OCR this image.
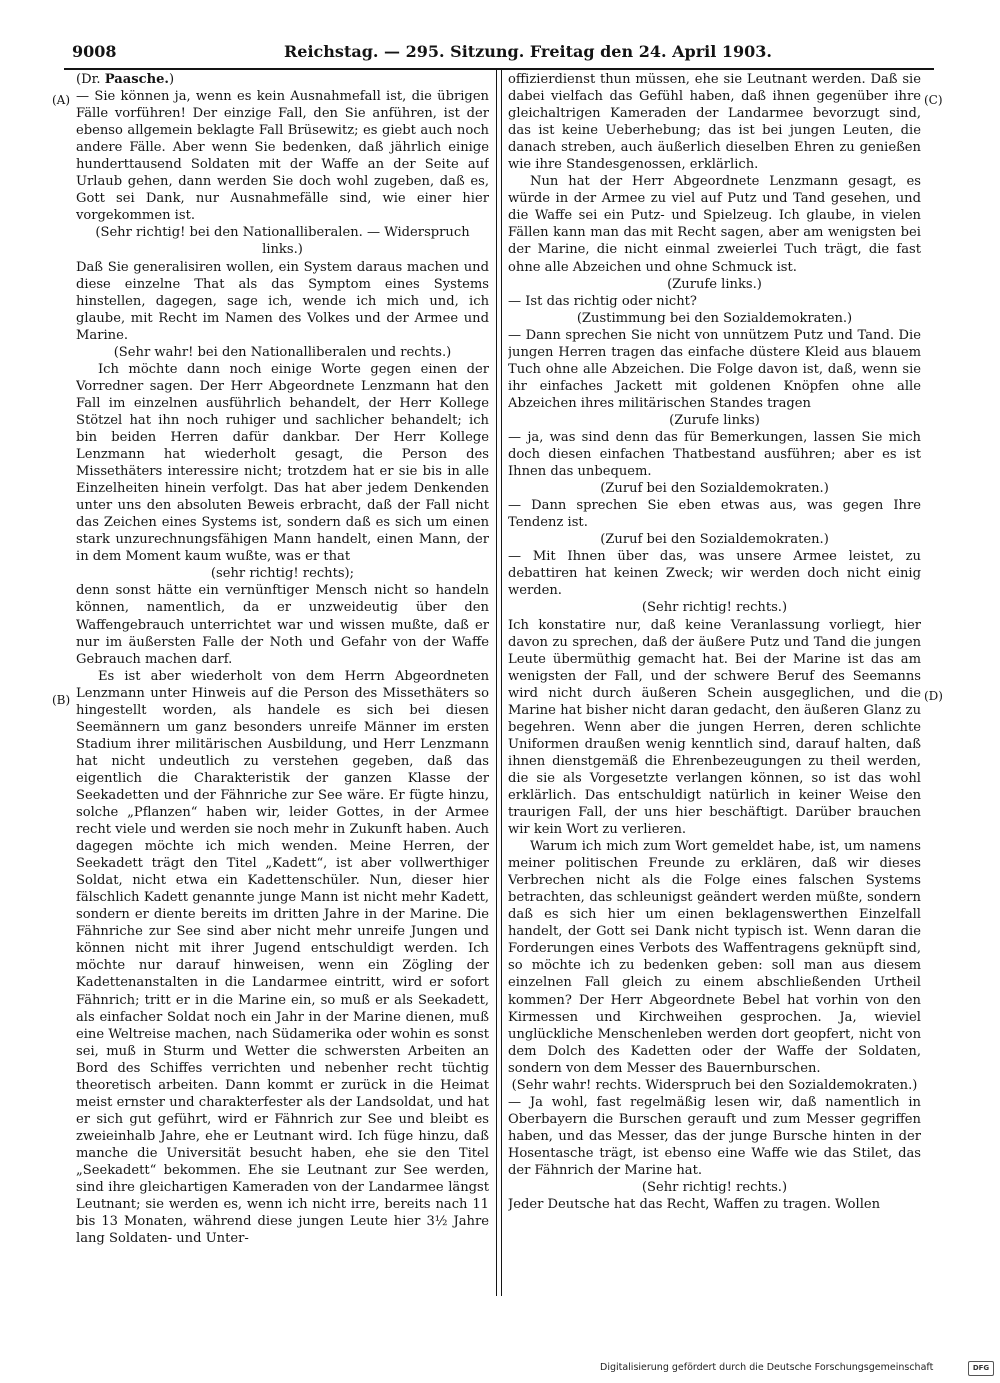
9008	Reichstag. — 295. Sitzung. Freitag den 24. April 1903.
(A)
(B)
(C)
(D)

(Dr. Paasche.)

— Sie können ja, wenn es kein Ausnahmefall ist, die übrigen Fälle vorführen! Der einzige Fall, den Sie anführen, ist der ebenso allgemein beklagte Fall Brüsewitz; es giebt auch noch andere Fälle. Aber wenn Sie bedenken, daß jährlich einige hunderttausend Soldaten mit der Waffe an der Seite auf Urlaub gehen, dann werden Sie doch wohl zugeben, daß es, Gott sei Dank, nur Ausnahmefälle sind, wie einer hier vorgekommen ist.

(Sehr richtig! bei den Nationalliberalen. — Widerspruch links.)

Daß Sie generalisiren wollen, ein System daraus machen und diese einzelne That als das Symptom eines Systems hinstellen, dagegen, sage ich, wende ich mich und, ich glaube, mit Recht im Namen des Volkes und der Armee und Marine.

(Sehr wahr! bei den Nationalliberalen und rechts.)

Ich möchte dann noch einige Worte gegen einen der Vorredner sagen. Der Herr Abgeordnete Lenzmann hat den Fall im einzelnen ausführlich behandelt, der Herr Kollege Stötzel hat ihn noch ruhiger und sachlicher behandelt; ich bin beiden Herren dafür dankbar. Der Herr Kollege Lenzmann hat wiederholt gesagt, die Person des Missethäters interessire nicht; trotzdem hat er sie bis in alle Einzelheiten hinein verfolgt. Das hat aber jedem Denkenden unter uns den absoluten Beweis erbracht, daß der Fall nicht das Zeichen eines Systems ist, sondern daß es sich um einen stark unzurechnungsfähigen Mann handelt, einen Mann, der in dem Moment kaum wußte, was er that

(sehr richtig! rechts);

denn sonst hätte ein vernünftiger Mensch nicht so handeln können, namentlich, da er unzweideutig über den Waffengebrauch unterrichtet war und wissen mußte, daß er nur im äußersten Falle der Noth und Gefahr von der Waffe Gebrauch machen darf.

Es ist aber wiederholt von dem Herrn Abgeordneten Lenzmann unter Hinweis auf die Person des Missethäters so hingestellt worden, als handele es sich bei diesen Seemännern um ganz besonders unreife Männer im ersten Stadium ihrer militärischen Ausbildung, und Herr Lenzmann hat nicht undeutlich zu verstehen gegeben, daß das eigentlich die Charakteristik der ganzen Klasse der Seekadetten und der Fähnriche zur See wäre. Er fügte hinzu, solche „Pflanzen“ haben wir, leider Gottes, in der Armee recht viele und werden sie noch mehr in Zukunft haben. Auch dagegen möchte ich mich wenden. Meine Herren, der Seekadett trägt den Titel „Kadett“, ist aber vollwerthiger Soldat, nicht etwa ein Kadettenschüler. Nun, dieser hier fälschlich Kadett genannte junge Mann ist nicht mehr Kadett, sondern er diente bereits im dritten Jahre in der Marine. Die Fähnriche zur See sind aber nicht mehr unreife Jungen und können nicht mit ihrer Jugend entschuldigt werden. Ich möchte nur darauf hinweisen, wenn ein Zögling der Kadettenanstalten in die Landarmee eintritt, wird er sofort Fähnrich; tritt er in die Marine ein, so muß er als Seekadett, als einfacher Soldat noch ein Jahr in der Marine dienen, muß eine Weltreise machen, nach Südamerika oder wohin es sonst sei, muß in Sturm und Wetter die schwersten Arbeiten an Bord des Schiffes verrichten und nebenher recht tüchtig theoretisch arbeiten. Dann kommt er zurück in die Heimat meist ernster und charakterfester als der Landsoldat, und hat er sich gut geführt, wird er Fähnrich zur See und bleibt es zweieinhalb Jahre, ehe er Leutnant wird. Ich füge hinzu, daß manche die Universität besucht haben, ehe sie den Titel „Seekadett“ bekommen. Ehe sie Leutnant zur See werden, sind ihre gleichartigen Kameraden von der Landarmee längst Leutnant; sie werden es, wenn ich nicht irre, bereits nach 11 bis 13 Monaten, während diese jungen Leute hier 3½ Jahre lang Soldaten- und Unter-

offizierdienst thun müssen, ehe sie Leutnant werden. Daß sie dabei vielfach das Gefühl haben, daß ihnen gegenüber ihre gleichaltrigen Kameraden der Landarmee bevorzugt sind, das ist keine Ueberhebung; das ist bei jungen Leuten, die danach streben, auch äußerlich dieselben Ehren zu genießen wie ihre Standesgenossen, erklärlich.

Nun hat der Herr Abgeordnete Lenzmann gesagt, es würde in der Armee zu viel auf Putz und Tand gesehen, und die Waffe sei ein Putz- und Spielzeug. Ich glaube, in vielen Fällen kann man das mit Recht sagen, aber am wenigsten bei der Marine, die nicht einmal zweierlei Tuch trägt, die fast ohne alle Abzeichen und ohne Schmuck ist.

(Zurufe links.)

— Ist das richtig oder nicht?

(Zustimmung bei den Sozialdemokraten.)

— Dann sprechen Sie nicht von unnützem Putz und Tand. Die jungen Herren tragen das einfache düstere Kleid aus blauem Tuch ohne alle Abzeichen. Die Folge davon ist, daß, wenn sie ihr einfaches Jackett mit goldenen Knöpfen ohne alle Abzeichen ihres militärischen Standes tragen

(Zurufe links)

— ja, was sind denn das für Bemerkungen, lassen Sie mich doch diesen einfachen Thatbestand ausführen; aber es ist Ihnen das unbequem.

(Zuruf bei den Sozialdemokraten.)

— Dann sprechen Sie eben etwas aus, was gegen Ihre Tendenz ist.

(Zuruf bei den Sozialdemokraten.)

— Mit Ihnen über das, was unsere Armee leistet, zu debattiren hat keinen Zweck; wir werden doch nicht einig werden.

(Sehr richtig! rechts.)

Ich konstatire nur, daß keine Veranlassung vorliegt, hier davon zu sprechen, daß der äußere Putz und Tand die jungen Leute übermüthig gemacht hat. Bei der Marine ist das am wenigsten der Fall, und der schwere Beruf des Seemanns wird nicht durch äußeren Schein ausgeglichen, und die Marine hat bisher nicht daran gedacht, den äußeren Glanz zu begehren. Wenn aber die jungen Herren, deren schlichte Uniformen draußen wenig kenntlich sind, darauf halten, daß ihnen dienstgemäß die Ehrenbezeugungen zu theil werden, die sie als Vorgesetzte verlangen können, so ist das wohl erklärlich. Das entschuldigt natürlich in keiner Weise den traurigen Fall, der uns hier beschäftigt. Darüber brauchen wir kein Wort zu verlieren.

Warum ich mich zum Wort gemeldet habe, ist, um namens meiner politischen Freunde zu erklären, daß wir dieses Verbrechen nicht als die Folge eines falschen Systems betrachten, das schleunigst geändert werden müßte, sondern daß es sich hier um einen beklagenswerthen Einzelfall handelt, der Gott sei Dank nicht typisch ist. Wenn daran die Forderungen eines Verbots des Waffentragens geknüpft sind, so möchte ich zu bedenken geben: soll man aus diesem einzelnen Fall gleich zu einem abschließenden Urtheil kommen? Der Herr Abgeordnete Bebel hat vorhin von den Kirmessen und Kirchweihen gesprochen. Ja, wieviel unglückliche Menschenleben werden dort geopfert, nicht von dem Dolch des Kadetten oder der Waffe der Soldaten, sondern von dem Messer des Bauernburschen.

(Sehr wahr! rechts. Widerspruch bei den Sozialdemokraten.)

— Ja wohl, fast regelmäßig lesen wir, daß namentlich in Oberbayern die Burschen gerauft und zum Messer gegriffen haben, und das Messer, das der junge Bursche hinten in der Hosentasche trägt, ist ebenso eine Waffe wie das Stilet, das der Fähnrich der Marine hat.

(Sehr richtig! rechts.)

Jeder Deutsche hat das Recht, Waffen zu tragen. Wollen

Digitalisierung gefördert durch die Deutsche Forschungsgemeinschaft	DFG
